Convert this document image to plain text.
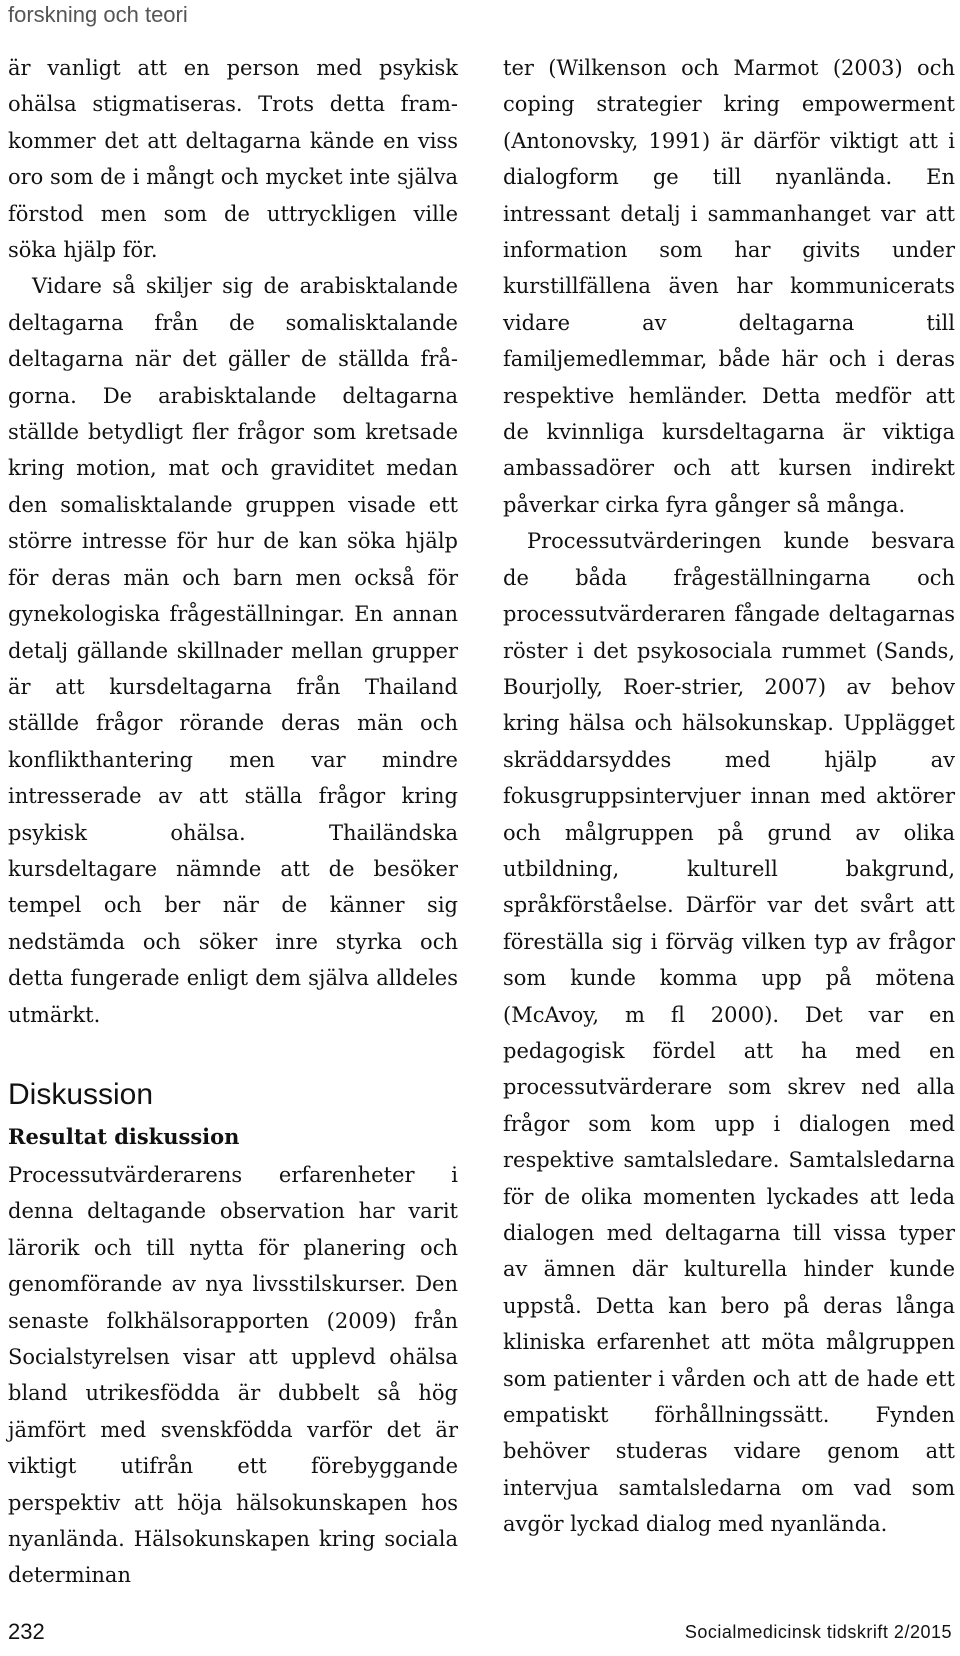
forskning och teori

är vanligt att en person med psykisk ohälsa stigmatiseras. Trots detta framkommer det att deltagarna kände en viss oro som de i mångt och mycket inte själva förstod men som de uttryckligen ville söka hjälp för.

Vidare så skiljer sig de arabisktalande deltagarna från de somalisktalande deltagarna när det gäller de ställda frågorna. De arabisktalande deltagarna ställde betydligt fler frågor som kretsade kring motion, mat och graviditet medan den somalisktalande gruppen visade ett större intresse för hur de kan söka hjälp för deras män och barn men också för gynekologiska frågeställningar. En annan detalj gällande skillnader mellan grupper är att kursdeltagarna från Thailand ställde frågor rörande deras män och konflikthantering men var mindre intresserade av att ställa frågor kring psykisk ohälsa. Thailändska kursdeltagare nämnde att de besöker tempel och ber när de känner sig nedstämda och söker inre styrka och detta fungerade enligt dem själva alldeles utmärkt.

Diskussion
Resultat diskussion

Processutvärderarens erfarenheter i denna deltagande observation har varit lärorik och till nytta för planering och genomförande av nya livsstilskurser. Den senaste folkhälsorapporten (2009) från Socialstyrelsen visar att upplevd ohälsa bland utrikesfödda är dubbelt så hög jämfört med svenskfödda varför det är viktigt utifrån ett förebyggande perspektiv att höja hälsokunskapen hos nyanlända. Hälsokunskapen kring sociala determinan

ter (Wilkenson och Marmot (2003) och coping strategier kring empowerment (Antonovsky, 1991) är därför viktigt att i dialogform ge till nyanlända. En intressant detalj i sammanhanget var att information som har givits under kurstillfällena även har kommunicerats vidare av deltagarna till familjemedlemmar, både här och i deras respektive hemländer. Detta medför att de kvinnliga kursdeltagarna är viktiga ambassadörer och att kursen indirekt påverkar cirka fyra gånger så många.

Processutvärderingen kunde besvara de båda frågeställningarna och processutvärderaren fångade deltagarnas röster i det psykosociala rummet (Sands, Bourjolly, Roer-strier, 2007) av behov kring hälsa och hälsokunskap. Upplägget skräddarsyddes med hjälp av fokusgruppsintervjuer innan med aktörer och målgruppen på grund av olika utbildning, kulturell bakgrund, språkförståelse. Därför var det svårt att föreställa sig i förväg vilken typ av frågor som kunde komma upp på mötena (McAvoy, m fl 2000). Det var en pedagogisk fördel att ha med en processutvärderare som skrev ned alla frågor som kom upp i dialogen med respektive samtalsledare. Samtalsledarna för de olika momenten lyckades att leda dialogen med deltagarna till vissa typer av ämnen där kulturella hinder kunde uppstå. Detta kan bero på deras långa kliniska erfarenhet att möta målgruppen som patienter i vården och att de hade ett empatiskt förhållningssätt. Fynden behöver studeras vidare genom att intervjua samtalsledarna om vad som avgör lyckad dialog med nyanlända.

232	Socialmedicinsk tidskrift 2/2015
